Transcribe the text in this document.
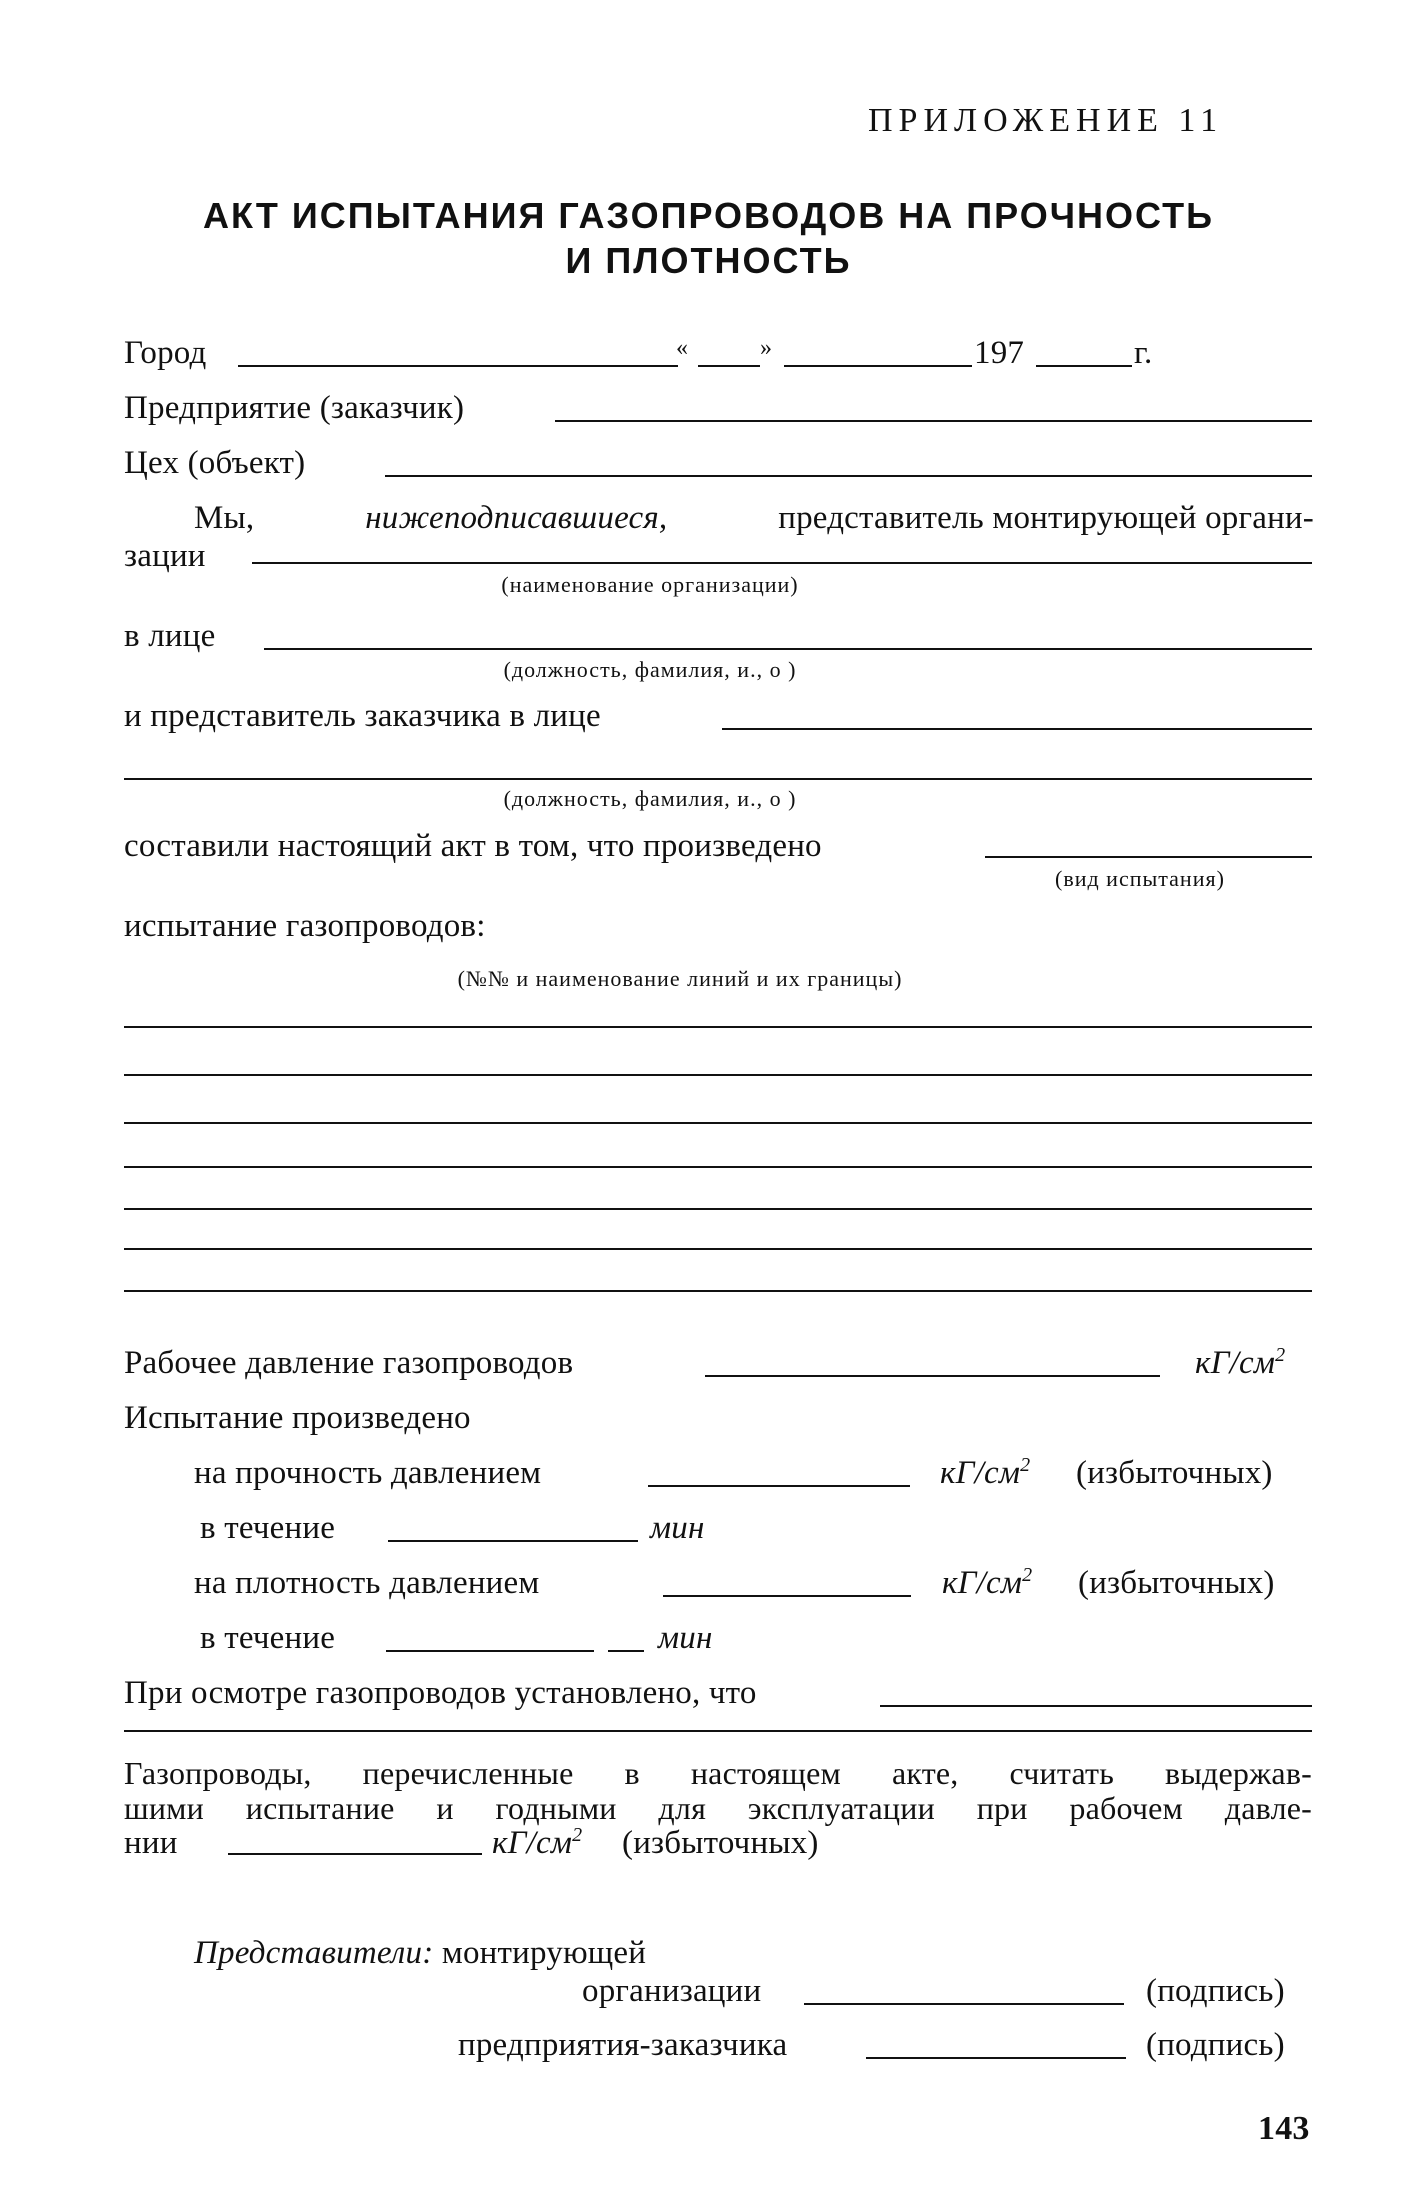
ПРИЛОЖЕНИЕ 11
АКТ ИСПЫТАНИЯ ГАЗОПРОВОДОВ НА ПРОЧНОСТЬ
И ПЛОТНОСТЬ
Город	«	»	197	г.
Предприятие (заказчик)
Цех (объект)
Мы,	нижеподписавшиеся,	представитель монтирующей органи-
зации
(наименование организации)
в лице
(должность, фамилия, и., о )
и представитель заказчика в лице
(должность, фамилия, и., о )
составили настоящий акт в том, что произведено
(вид испытания)
испытание газопроводов:
(№№ и наименование линий и их границы)
Рабочее давление газопроводов	$кГ/см^2$
Испытание произведено
на прочность давлением	$кГ/см^2$ (избыточных)
в течение	мин
на плотность давлением	$кГ/см^2$ (избыточных)
в течение	мин
При осмотре газопроводов установлено, что
Газопроводы, перечисленные в настоящем акте, считать выдержав-
шими испытание и годными для эксплуатации при рабочем давле-
нии	$кГ/см^2$ (избыточных)
Представители: монтирующей
организации	(подпись)
предприятия-заказчика	(подпись)
143
